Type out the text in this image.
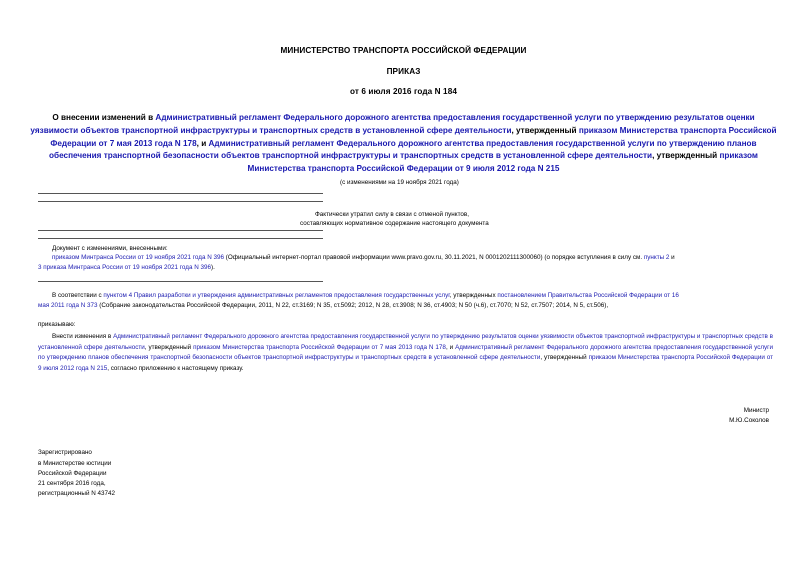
МИНИСТЕРСТВО ТРАНСПОРТА РОССИЙСКОЙ ФЕДЕРАЦИИ
ПРИКАЗ
от 6 июля 2016 года N 184
О внесении изменений в Административный регламент Федерального дорожного агентства предоставления государственной услуги по утверждению результатов оценки уязвимости объектов транспортной инфраструктуры и транспортных средств в установленной сфере деятельности, утвержденный приказом Министерства транспорта Российской Федерации от 7 мая 2013 года N 178, и Административный регламент Федерального дорожного агентства предоставления государственной услуги по утверждению планов обеспечения транспортной безопасности объектов транспортной инфраструктуры и транспортных средств в установленной сфере деятельности, утвержденный приказом Министерства транспорта Российской Федерации от 9 июля 2012 года N 215
(с изменениями на 19 ноября 2021 года)
Фактически утратил силу в связи с отменой пунктов,
составляющих нормативное содержание настоящего документа
Документ с изменениями, внесенными:
приказом Минтранса России от 19 ноября 2021 года N 396 (Официальный интернет-портал правовой информации www.pravo.gov.ru, 30.11.2021, N 0001202111300060) (о порядке вступления в силу см. пункты 2 и
3 приказа Минтранса России от 19 ноября 2021 года N 396).
В соответствии с пунктом 4 Правил разработки и утверждения административных регламентов предоставления государственных услуг, утвержденных постановлением Правительства Российской Федерации от 16
мая 2011 года N 373 (Собрание законодательства Российской Федерации, 2011, N 22, ст.3169; N 35, ст.5092; 2012, N 28, ст.3908; N 36, ст.4903; N 50 (ч.6), ст.7070; N 52, ст.7507; 2014, N 5, ст.506),
приказываю:
Внести изменения в Административный регламент Федерального дорожного агентства предоставления государственной услуги по утверждению результатов оценки уязвимости объектов транспортной инфраструктуры и транспортных средств в установленной сфере деятельности, утвержденный приказом Министерства транспорта Российской Федерации от 7 мая 2013 года N 178, и Административный регламент Федерального дорожного агентства предоставления государственной услуги по утверждению планов обеспечения транспортной безопасности объектов транспортной инфраструктуры и транспортных средств в установленной сфере деятельности, утвержденный приказом Министерства транспорта Российской Федерации от 9 июля 2012 года N 215, согласно приложению к настоящему приказу.
Министр
М.Ю.Соколов
Зарегистрировано
в Министерстве юстиции
Российской Федерации
21 сентября 2016 года,
регистрационный N 43742
